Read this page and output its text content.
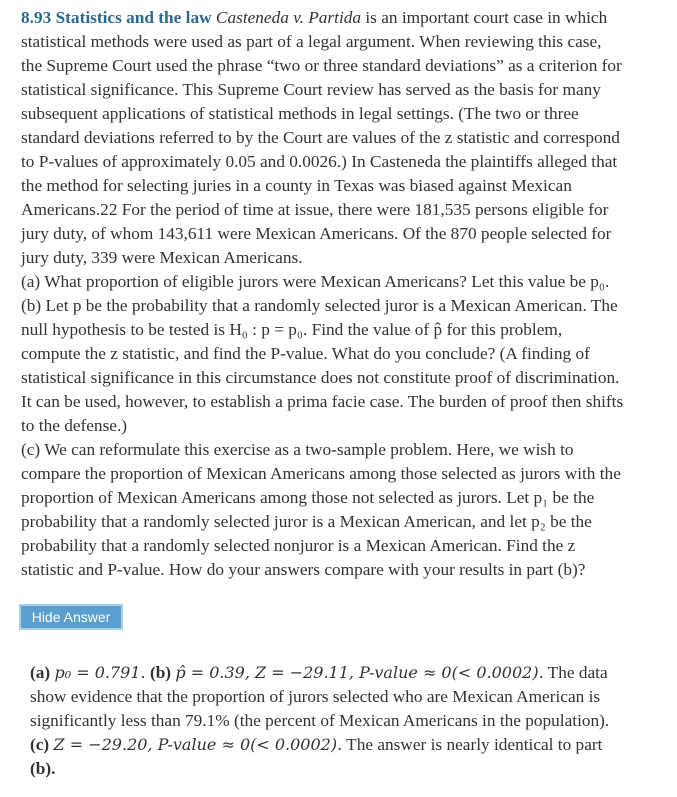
8.93 Statistics and the law Casteneda v. Partida is an important court case in which
statistical methods were used as part of a legal argument. When reviewing this case,
the Supreme Court used the phrase “two or three standard deviations” as a criterion for
statistical significance. This Supreme Court review has served as the basis for many
subsequent applications of statistical methods in legal settings. (The two or three
standard deviations referred to by the Court are values of the z statistic and correspond
to P-values of approximately 0.05 and 0.0026.) In Casteneda the plaintiffs alleged that
the method for selecting juries in a county in Texas was biased against Mexican
Americans.22 For the period of time at issue, there were 181,535 persons eligible for
jury duty, of whom 143,611 were Mexican Americans. Of the 870 people selected for
jury duty, 339 were Mexican Americans.
(a) What proportion of eligible jurors were Mexican Americans? Let this value be p₀.
(b) Let p be the probability that a randomly selected juror is a Mexican American. The
null hypothesis to be tested is H₀ : p = p₀. Find the value of p̂ for this problem,
compute the z statistic, and find the P-value. What do you conclude? (A finding of
statistical significance in this circumstance does not constitute proof of discrimination.
It can be used, however, to establish a prima facie case. The burden of proof then shifts
to the defense.)
(c) We can reformulate this exercise as a two-sample problem. Here, we wish to
compare the proportion of Mexican Americans among those selected as jurors with the
proportion of Mexican Americans among those not selected as jurors. Let p₁ be the
probability that a randomly selected juror is a Mexican American, and let p₂ be the
probability that a randomly selected nonjuror is a Mexican American. Find the z
statistic and P-value. How do your answers compare with your results in part (b)?
Hide Answer
(a) p₀ = 0.791. (b) p̂ = 0.39, Z = −29.11, P-value ≈ 0(< 0.0002). The data
show evidence that the proportion of jurors selected who are Mexican American is
significantly less than 79.1% (the percent of Mexican Americans in the population).
(c) Z = −29.20, P-value ≈ 0(< 0.0002). The answer is nearly identical to part
(b).
